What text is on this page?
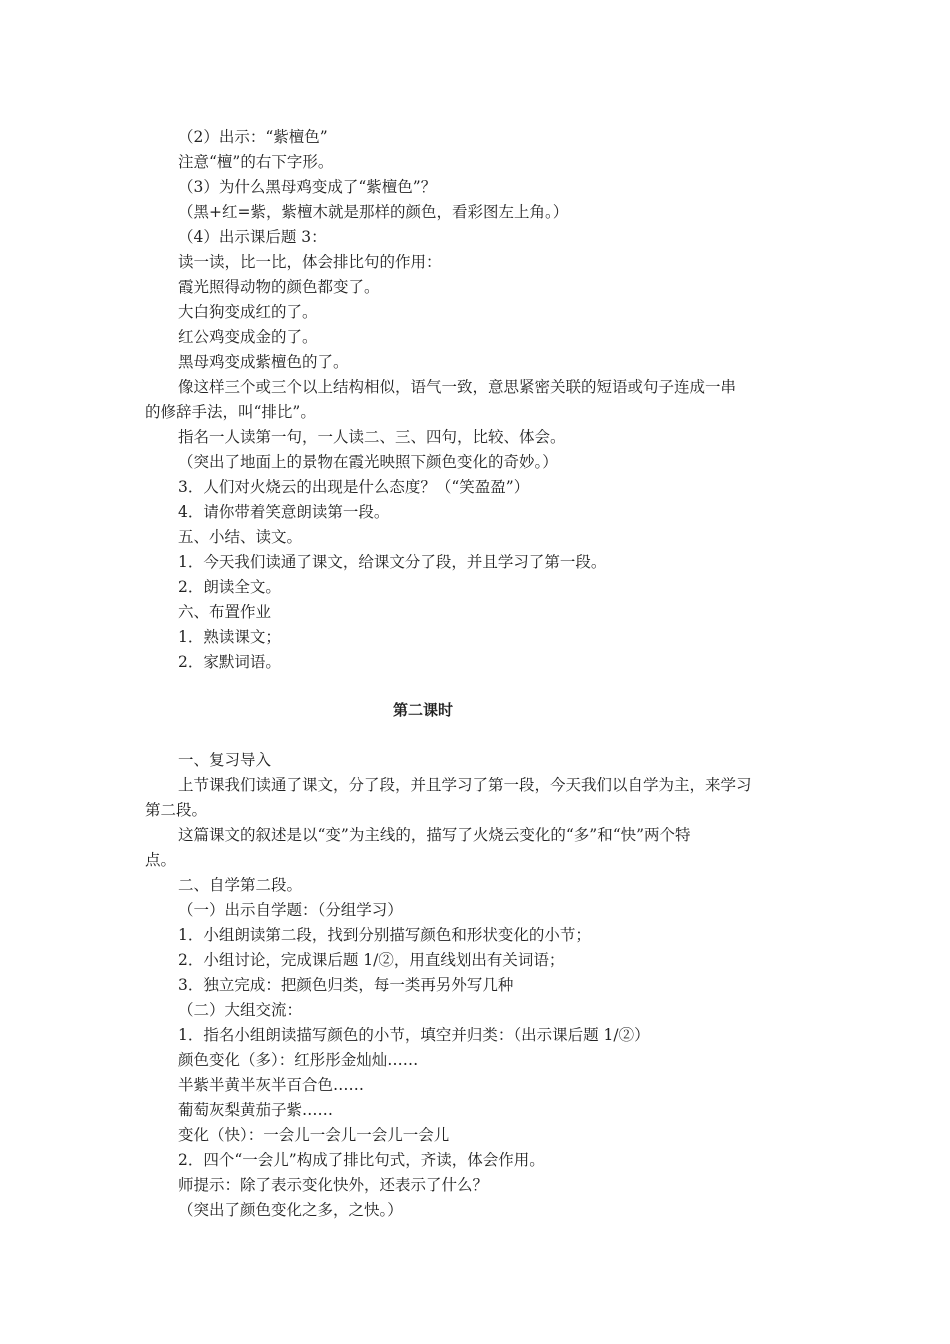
（2）出示：“紫檀色”
注意“檀”的右下字形。
（3）为什么黑母鸡变成了“紫檀色”？
（黑+红=紫，紫檀木就是那样的颜色，看彩图左上角。）
（4）出示课后题 3：
读一读，比一比，体会排比句的作用：
霞光照得动物的颜色都变了。
大白狗变成红的了。
红公鸡变成金的了。
黑母鸡变成紫檀色的了。
像这样三个或三个以上结构相似，语气一致，意思紧密关联的短语或句子连成一串
的修辞手法，叫“排比”。
指名一人读第一句，一人读二、三、四句，比较、体会。
（突出了地面上的景物在霞光映照下颜色变化的奇妙。）
3．人们对火烧云的出现是什么态度？（“笑盈盈”）
4．请你带着笑意朗读第一段。
五、小结、读文。
1．今天我们读通了课文，给课文分了段，并且学习了第一段。
2．朗读全文。
六、布置作业
1．熟读课文；
2．家默词语。
第二课时
一、复习导入
上节课我们读通了课文，分了段，并且学习了第一段，今天我们以自学为主，来学习
第二段。
这篇课文的叙述是以“变”为主线的，描写了火烧云变化的“多”和“快”两个特
点。
二、自学第二段。
（一）出示自学题：（分组学习）
1．小组朗读第二段，找到分别描写颜色和形状变化的小节；
2．小组讨论，完成课后题 1/②，用直线划出有关词语；
3．独立完成：把颜色归类，每一类再另外写几种
（二）大组交流：
1．指名小组朗读描写颜色的小节，填空并归类：（出示课后题 1/②）
颜色变化（多）：红彤彤金灿灿……
半紫半黄半灰半百合色……
葡萄灰梨黄茄子紫……
变化（快）：一会儿一会儿一会儿一会儿
2．四个“一会儿”构成了排比句式，齐读，体会作用。
师提示：除了表示变化快外，还表示了什么？
（突出了颜色变化之多，之快。）
